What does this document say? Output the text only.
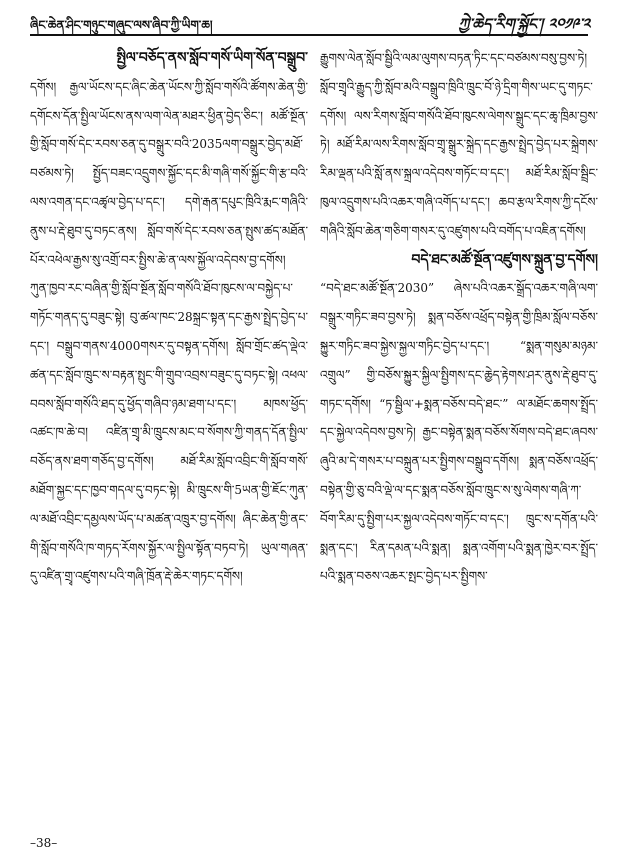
ཞིང་ཆེན་ཤིང་གཉུང་གཞུང་ལས་ཞིབ་ཀྱི་ཡིག་ཆ།	ཀྱེ་ཆེད་རིག་སྐྱོང་། ༢༠༡༩་༢
སྤྱིལ་བཅོད་ནས་སློབ་གསོ་ཡིག་སོན་བསྒྲུབ་

དགོས། རྒྱལ་ཡོངས་དང་ཞིང་ཆེན་ཡོངས་ཀྱི་སློབ་གསོའི་ཚོགས་ཆེན་གྱི་དགོངས་དོན་སྤྱིལ་ཡོངས་ནས་ལག་ལེན་མཐར་ཕྱིན་བྱེད་ཅིང་། མཚོ་སྔོན་གྱི་སློབ་གསོ་དེང་རབས་ཅན་དུ་བསྒྲུར་བའི་2035ལག་བསྒྲུར་བྱེད་མཐོ་བཙམས་ཏེ། སྤྱོད་བཟང་འདྲུགས་སྐྱོང་དང་མི་གཞི་གསོ་སྐྱོང་གི་རྩ་བའི་ལས་འགན་དང་འཚྭལ་བྱེད་པ་དང་། དགེ་རྒན་དཔུང་ཁྲིའི་རྨང་གཞིའི་ནུས་པ་རྡེ་ཐུབ་དུ་བཏང་ནས། སློབ་གསོ་དེང་རབས་ཅན་སྤུས་ཚད་མཐོན་པོར་འཕེལ་རྒྱས་སུ་འགྲོ་བར་སྤྱིས་ཆེ་ན་ལས་སྐྱོལ་འདེབས་བྱ་དགོས། ཀུན་ཁྱབ་རང་བཞིན་གྱི་སློབ་སྔོན་སློབ་གསོའི་ཐོབ་ཁུངས་ལ་བསྐྱེད་པ་གཏོང་གནད་དུ་བཟུང་སྟེ། བུ་ཚལ་ཁང་28སྐྲང་སྟན་དང་རྒྱས་སྤྲེད་བྱེད་པ་དང་། བསྒྲུབ་གནས་4000གསར་དུ་བསྟན་དགོས། སློབ་གྲོང་ཚད་ལྡེའ་ཚན་དང་སློབ་ཁྲུང་ས་བརྟན་སྤུང་གི་གྲུབ་འབྲས་བཟུང་དུ་བཏང་སྟེ། འཕལ་བབས་སློབ་གསོའི་ཐད་དུ་ཕྱོད་གཞིབ་ཉམ་ཐག་པ་དང་། མཁས་ཕྱོད་འཚང་ཁ་ཆེ་བ། འཛིན་གྲྭ་མི་ཁྲུངས་མང་བ་སོགས་ཀྱི་གནད་དོན་སྤྱིལ་བཅོད་ནས་ཐག་གཅོད་བྱ་དགོས། མཐོ་རིམ་སློབ་འབྲིང་གི་སློབ་གསོ་མཐོག་སྐྱང་དང་ཁྱབ་གདལ་དུ་བཏང་སྟེ། མི་ཁྲུངས་གི་5ཡན་གྱི་ཇོང་ཀུན་ལ་མཐོ་འབྲིང་དམྱལས་ཡོད་པ་མཚན་འཁྲུར་བྱ་དགོས། ཞིང་ཆེན་གྱི་ནང་གི་སློབ་གསོའི་ཁ་གཏད་རོགས་སྐྱོར་ལ་སྤྱིལ་སྟོན་བཏབ་ཏེ། ཡུལ་གཞན་དུ་འཛིན་གྲྭ་འཛུགས་པའི་གཞི་ཁྲོན་རྡེ་ཆེར་གཏང་དགོས།

རྒྱུགས་ལེན་སློབ་སྦྱིའི་ལམ་ལུགས་བཏན་ཏིང་དང་བཙམས་བསུ་བྱས་ཏེ། སློབ་གྲྭའི་རྒྱུད་ཀྱི་སློབ་མའི་བསྒྲུབ་ཁྲིའི་ཁྲུང་བོ་ཉེ་དྲིག་གིས་ཡང་དུ་གཏང་དགོས། ལས་རིགས་སློབ་གསོའི་ཐོབ་ཁུངས་ལེགས་སྒྲུང་དང་ཆྭ་ཁྲིམ་བྱས་ཏེ། མཐོ་རིམ་ལས་རིགས་སློབ་གྲྭ་སྒྲུར་སྐྲེད་དང་རྒྱས་སྤྲེད་བྱེད་པར་སྐྲེགས་རིམ་ལྡན་པའི་སློ་ནས་སྐྲལ་འདེབས་གཏོང་བ་དང་། མཐོ་རིམ་སློབ་སྦྲིང་ཁུལ་འདྲུགས་པའི་འཆར་གཞི་འགོད་པ་དང་། ཆབ་རྩལ་རིགས་ཀྱི་དངོས་གཞིའི་སློབ་ཆེན་གཅིག་གསར་དུ་འཛུགས་པའི་བགོད་པ་འཇིན་དགོས།

བདེ་ཐང་མཚོ་སྔོན་འཛུགས་སྐྲུན་བྱ་དགོས།

“བདེ་ཐང་མཚོ་སྔོན་2030” ཞེས་པའི་འཆར་སྒྲོད་འཆར་གཞི་ལག་བསྒྲུར་གཏིང་ཟབ་བྱས་ཏེ། སྨན་བཅོས་འཕྲོད་བསྟེན་གྱི་ཁྲིམ་སློལ་བཅོས་སྐྱུར་གཏིང་ཟབ་སྐྱེས་སྐྱལ་གཏིང་བྱེད་པ་དང་། “སྨན་གསུམ་མཉམ་འགྲུལ” གྱི་བཅོས་སྐྱུར་སྐྱིལ་སྤྱིགས་དང་ཆྱེད་རྟེགས་ཤར་ནུས་རྡེ་ཐུབ་དུ་གཏང་དགོས། “ཏ་སྦྱིལ་+སྨན་བཅོས་བདེ་ཐང་” ལ་མཐོང་ཆགས་སྤྲོད་དང་སྐྱེལ་འདེབས་བྱས་ཏེ། རྒྱང་བསྟེན་སྨན་བཅོས་སོགས་བདེ་ཐང་ཞབས་ཞུའི་མ་དེ་གསར་པ་བསྐྲུན་པར་སྤྱིགས་བསྒྲུབ་དགོས། སྨན་བཅོས་འཕྲོད་བསྟེན་གྱི་ཅུ་བའི་ལྡེ་ལ་དང་སྨན་བཅོས་སློབ་ཁྲུང་ས་སུ་ལེགས་གཞི་ཀ་བོག་རིམ་དུ་སྤྱིག་པར་སྐྱལ་འདེབས་གཏོང་བ་དང་། ཁྲུང་ས་དགོན་པའི་སྨན་དང་། རིན་དམན་པའི་སྨན། སྨན་འགོག་པའི་སྨན་ཁྱེར་བར་སྤྲོད་པའི་སྨན་བཅས་འཆར་སྤང་བྱེད་པར་སྤྱིགས་

–38–
